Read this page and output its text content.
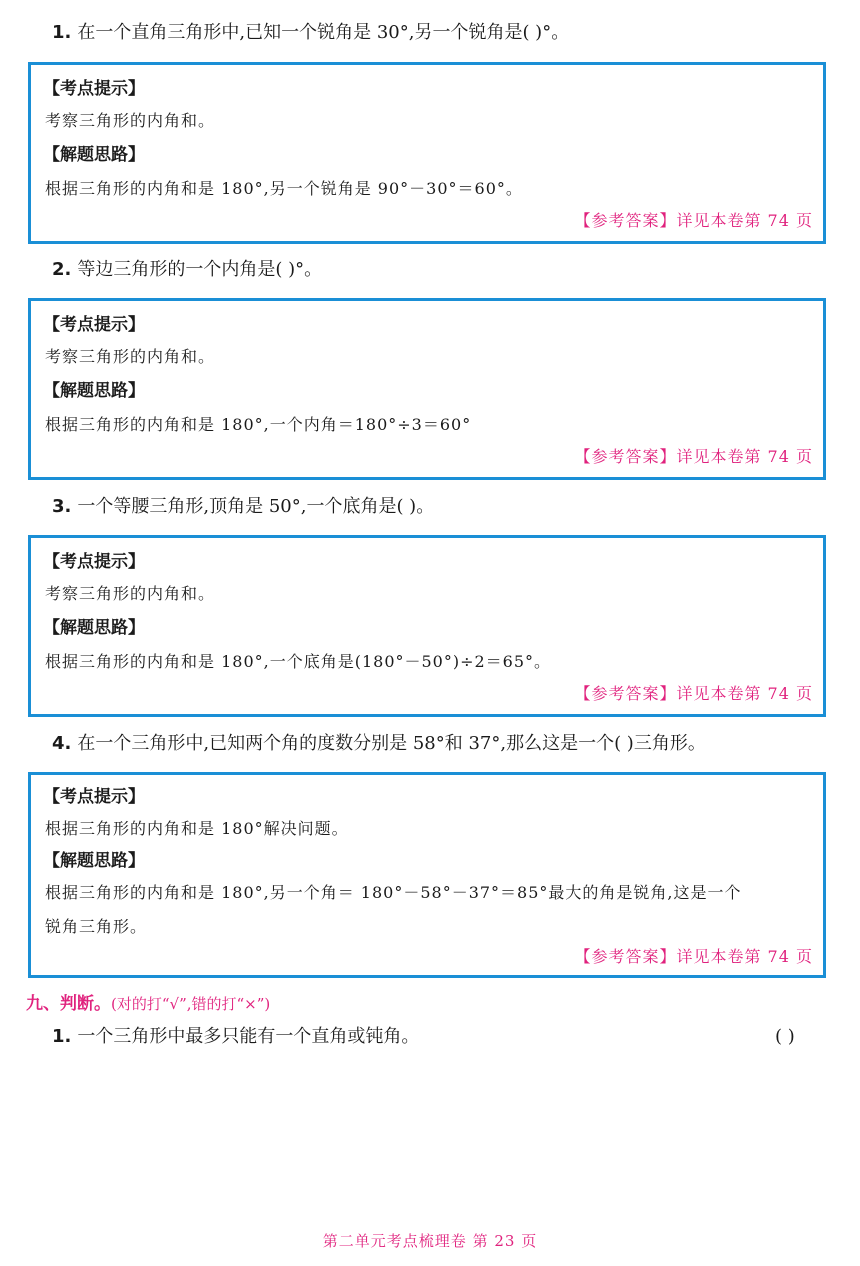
1. 在一个直角三角形中,已知一个锐角是 30°,另一个锐角是( )°。
【考点提示】
考察三角形的内角和。
【解题思路】
根据三角形的内角和是 180°,另一个锐角是 90°－30°＝60°。
【参考答案】详见本卷第 74 页
2. 等边三角形的一个内角是( )°。
【考点提示】
考察三角形的内角和。
【解题思路】
根据三角形的内角和是 180°,一个内角＝180°÷3＝60°
【参考答案】详见本卷第 74 页
3. 一个等腰三角形,顶角是 50°,一个底角是( )。
【考点提示】
考察三角形的内角和。
【解题思路】
根据三角形的内角和是 180°,一个底角是(180°－50°)÷2＝65°。
【参考答案】详见本卷第 74 页
4. 在一个三角形中,已知两个角的度数分别是 58°和 37°,那么这是一个( )三角形。
【考点提示】
根据三角形的内角和是 180°解决问题。
【解题思路】
根据三角形的内角和是 180°,另一个角＝ 180°－58°－37°＝85°最大的角是锐角,这是一个
锐角三角形。
【参考答案】详见本卷第 74 页
九、判断。(对的打“√”,错的打“×”)
1. 一个三角形中最多只能有一个直角或钝角。	( )
第二单元考点梳理卷 第 23 页
